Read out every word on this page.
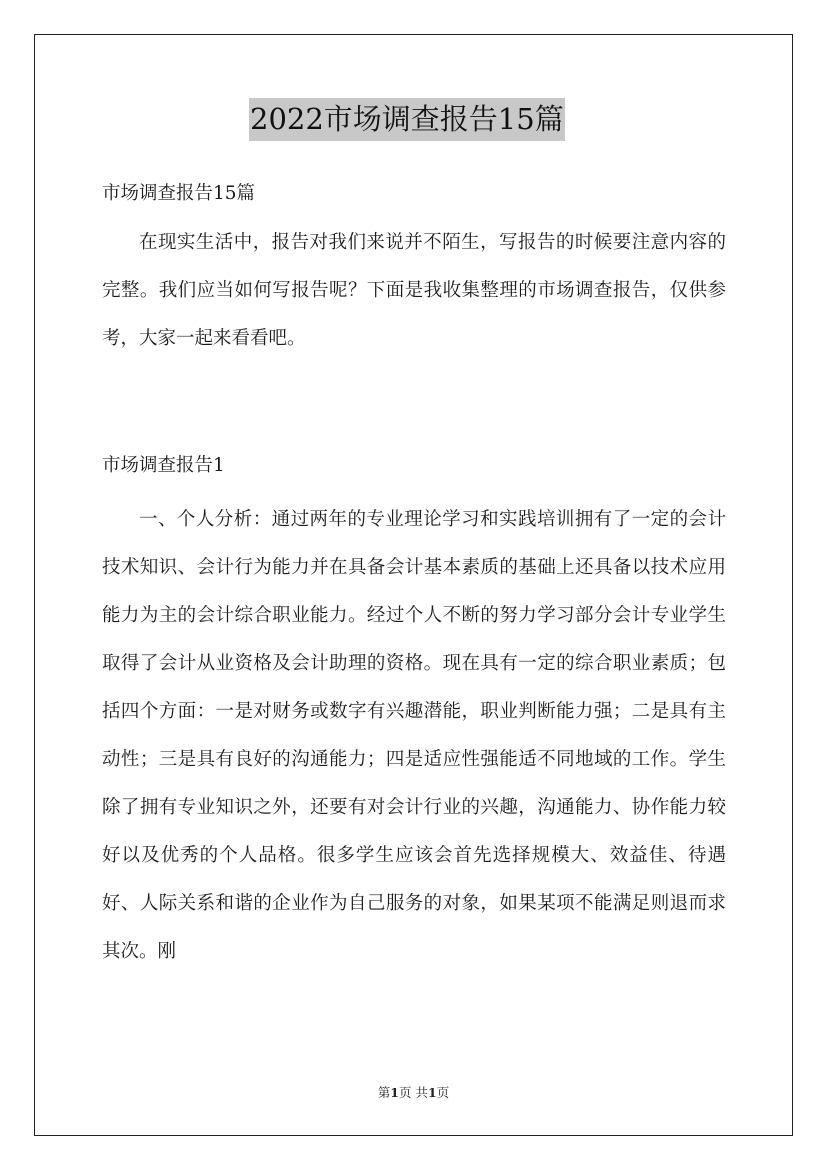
2022市场调查报告15篇
市场调查报告15篇

在现实生活中，报告对我们来说并不陌生，写报告的时候要注意内容的完整。我们应当如何写报告呢？下面是我收集整理的市场调查报告，仅供参考，大家一起来看看吧。

市场调查报告1

一、个人分析：通过两年的专业理论学习和实践培训拥有了一定的会计技术知识、会计行为能力并在具备会计基本素质的基础上还具备以技术应用能力为主的会计综合职业能力。经过个人不断的努力学习部分会计专业学生取得了会计从业资格及会计助理的资格。现在具有一定的综合职业素质；包括四个方面：一是对财务或数字有兴趣潜能，职业判断能力强；二是具有主动性；三是具有良好的沟通能力；四是适应性强能适不同地域的工作。学生除了拥有专业知识之外，还要有对会计行业的兴趣，沟通能力、协作能力较好以及优秀的个人品格。很多学生应该会首先选择规模大、效益佳、待遇好、人际关系和谐的企业作为自己服务的对象，如果某项不能满足则退而求其次。刚

第1页 共1页
